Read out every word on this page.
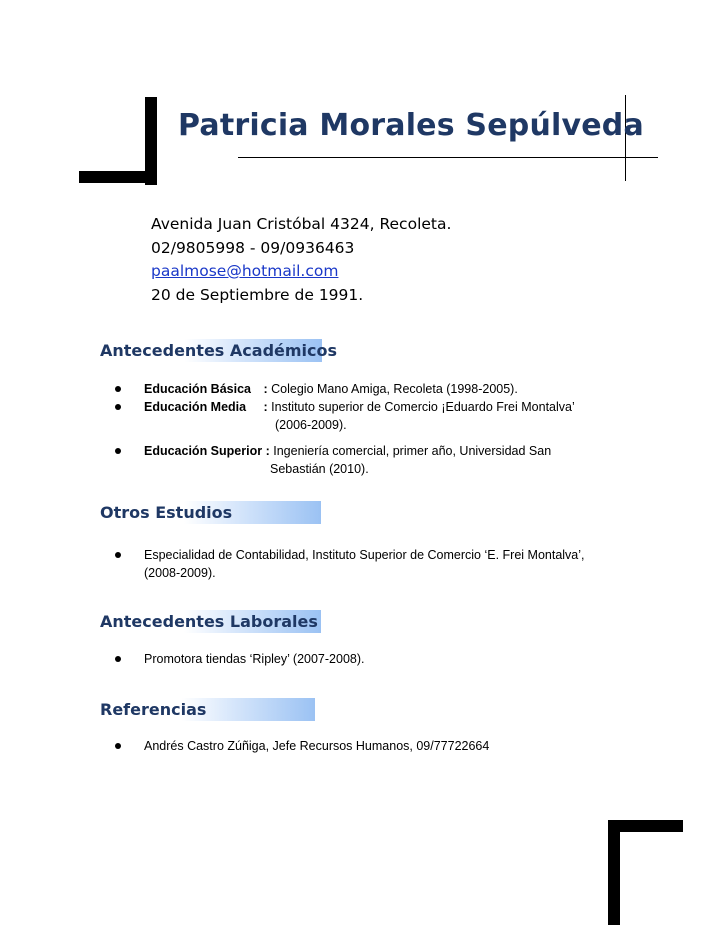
Patricia Morales Sepúlveda
Avenida Juan Cristóbal 4324, Recoleta.
02/9805998 - 09/0936463
paalmose@hotmail.com
20 de Septiembre de 1991.
Antecedentes Académicos
Educación Básica : Colegio Mano Amiga, Recoleta (1998-2005).
Educación Media : Instituto superior de Comercio ¡Eduardo Frei Montalva’
(2006-2009).
Educación Superior : Ingeniería comercial, primer año, Universidad San
Sebastián (2010).
Otros Estudios
Especialidad de Contabilidad, Instituto Superior de Comercio ‘E. Frei Montalva’,
(2008-2009).
Antecedentes Laborales
Promotora tiendas ‘Ripley’ (2007-2008).
Referencias
Andrés Castro Zúñiga, Jefe Recursos Humanos, 09/77722664
